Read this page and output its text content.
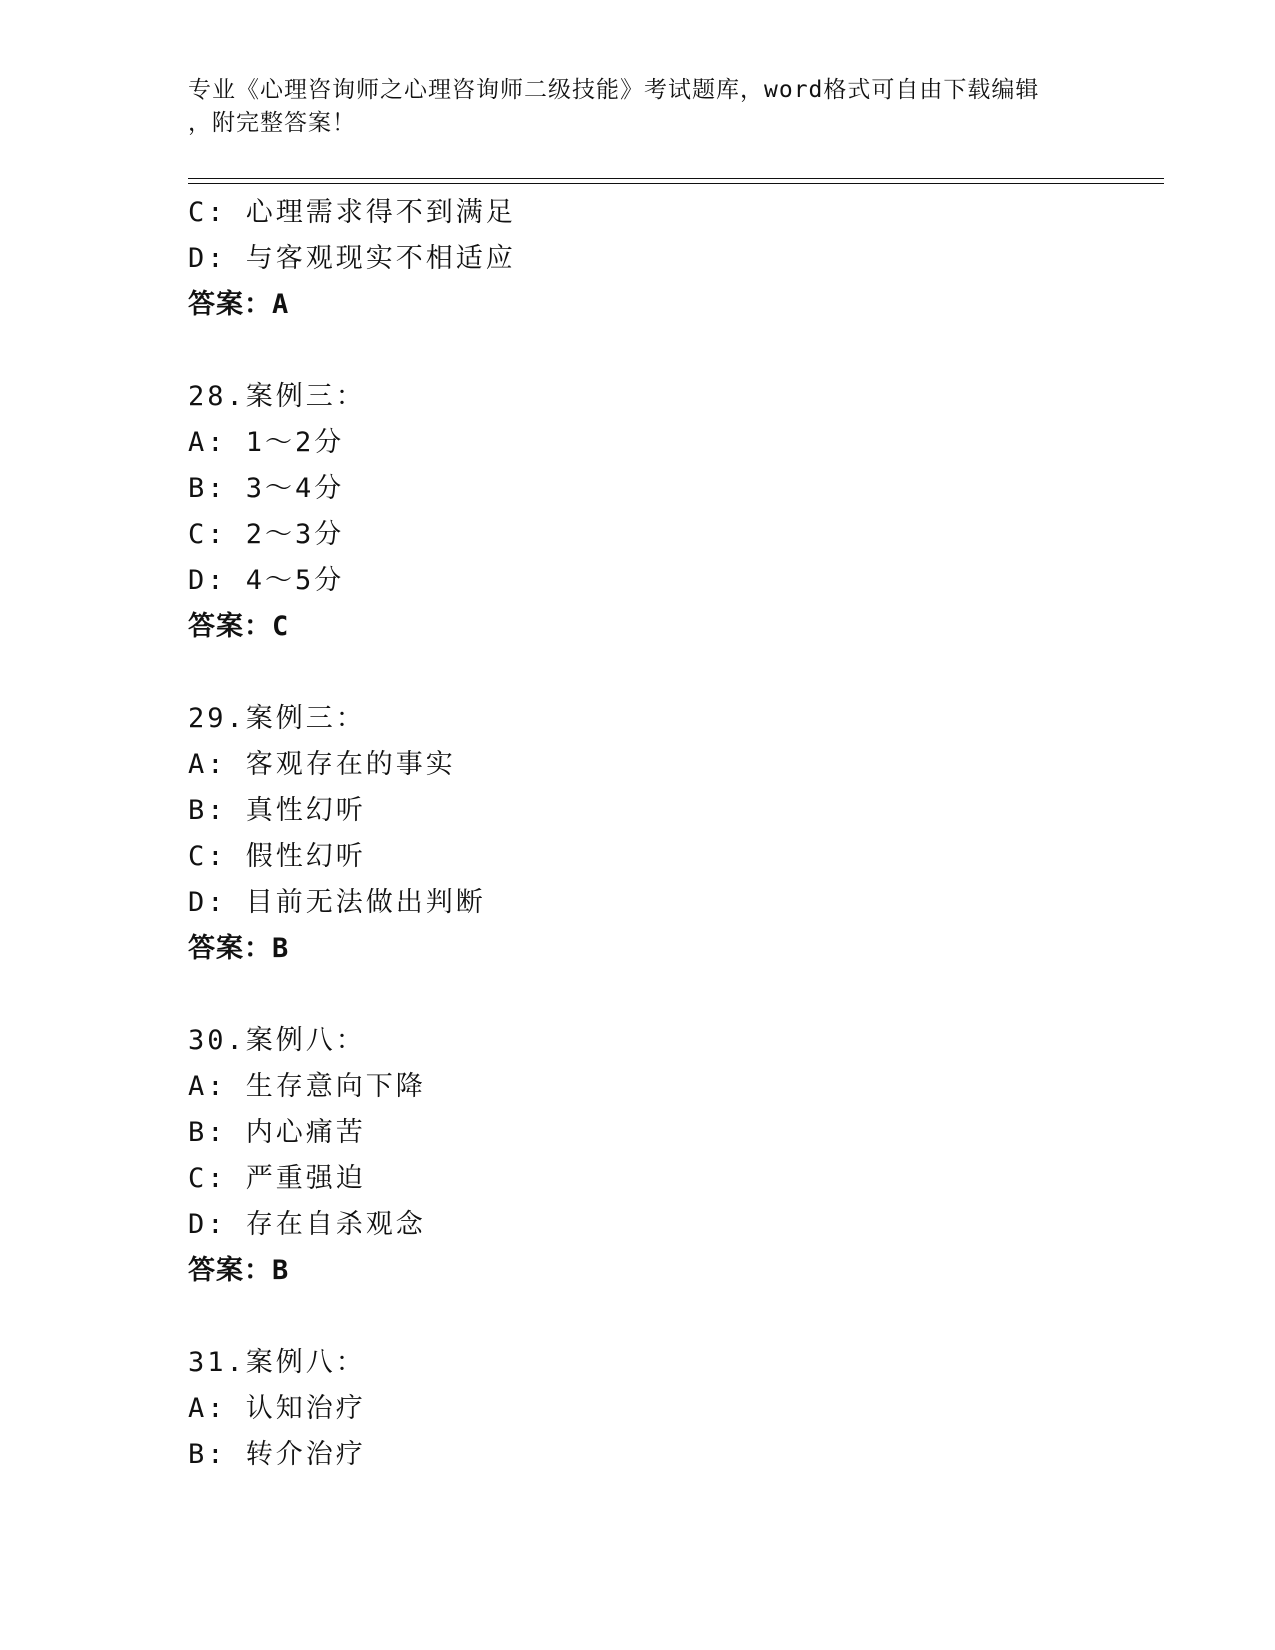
专业《心理咨询师之心理咨询师二级技能》考试题库，word格式可自由下载编辑
，附完整答案！
C: 心理需求得不到满足
D: 与客观现实不相适应
答案：A
28.案例三：
A: 1～2分
B: 3～4分
C: 2～3分
D: 4～5分
答案：C
29.案例三：
A: 客观存在的事实
B: 真性幻听
C: 假性幻听
D: 目前无法做出判断
答案：B
30.案例八：
A: 生存意向下降
B: 内心痛苦
C: 严重强迫
D: 存在自杀观念
答案：B
31.案例八：
A: 认知治疗
B: 转介治疗
